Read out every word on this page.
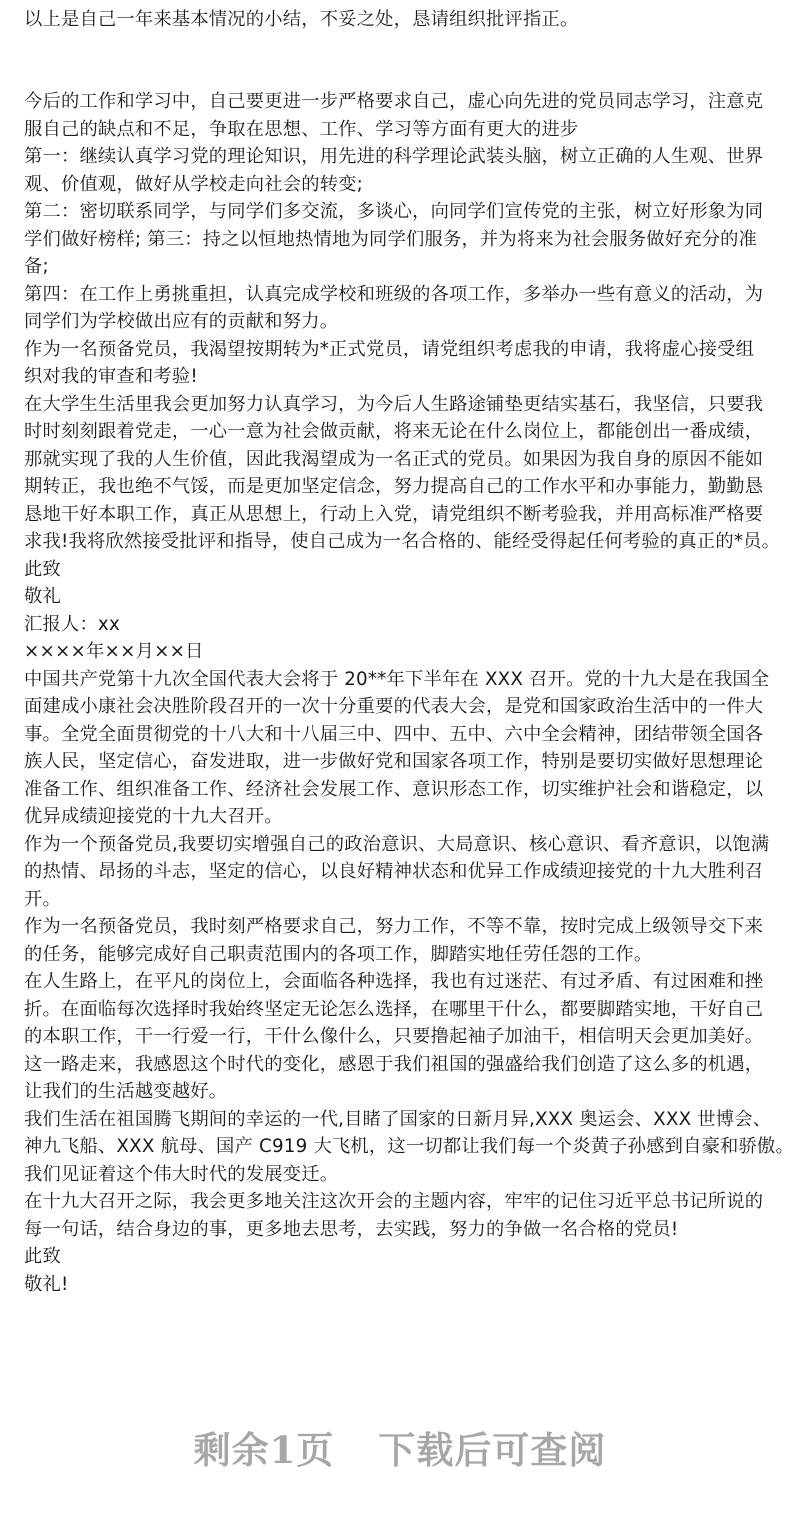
以上是自己一年来基本情况的小结，不妥之处，恳请组织批评指正。
今后的工作和学习中，自己要更进一步严格要求自己，虚心向先进的党员同志学习，注意克
服自己的缺点和不足，争取在思想、工作、学习等方面有更大的进步
第一：继续认真学习党的理论知识，用先进的科学理论武装头脑，树立正确的人生观、世界
观、价值观，做好从学校走向社会的转变;
第二：密切联系同学，与同学们多交流，多谈心，向同学们宣传党的主张，树立好形象为同
学们做好榜样; 第三：持之以恒地热情地为同学们服务，并为将来为社会服务做好充分的准
备;
第四：在工作上勇挑重担，认真完成学校和班级的各项工作，多举办一些有意义的活动，为
同学们为学校做出应有的贡献和努力。
作为一名预备党员，我渴望按期转为*正式党员，请党组织考虑我的申请，我将虚心接受组
织对我的审查和考验!
在大学生生活里我会更加努力认真学习，为今后人生路途铺垫更结实基石，我坚信，只要我
时时刻刻跟着党走，一心一意为社会做贡献，将来无论在什么岗位上，都能创出一番成绩，
那就实现了我的人生价值，因此我渴望成为一名正式的党员。如果因为我自身的原因不能如
期转正，我也绝不气馁，而是更加坚定信念，努力提高自己的工作水平和办事能力，勤勤恳
恳地干好本职工作，真正从思想上，行动上入党，请党组织不断考验我，并用高标准严格要
求我!我将欣然接受批评和指导，使自己成为一名合格的、能经受得起任何考验的真正的*员。
此致
敬礼
汇报人：xx
××××年××月××日
中国共产党第十九次全国代表大会将于 20**年下半年在 XXX 召开。党的十九大是在我国全
面建成小康社会决胜阶段召开的一次十分重要的代表大会，是党和国家政治生活中的一件大
事。全党全面贯彻党的十八大和十八届三中、四中、五中、六中全会精神，团结带领全国各
族人民，坚定信心，奋发进取，进一步做好党和国家各项工作，特别是要切实做好思想理论
准备工作、组织准备工作、经济社会发展工作、意识形态工作，切实维护社会和谐稳定，以
优异成绩迎接党的十九大召开。
作为一个预备党员,我要切实增强自己的政治意识、大局意识、核心意识、看齐意识，以饱满
的热情、昂扬的斗志，坚定的信心，以良好精神状态和优异工作成绩迎接党的十九大胜利召
开。
作为一名预备党员，我时刻严格要求自己，努力工作，不等不靠，按时完成上级领导交下来
的任务，能够完成好自己职责范围内的各项工作，脚踏实地任劳任怨的工作。
在人生路上，在平凡的岗位上，会面临各种选择，我也有过迷茫、有过矛盾、有过困难和挫
折。在面临每次选择时我始终坚定无论怎么选择，在哪里干什么，都要脚踏实地，干好自己
的本职工作，干一行爱一行，干什么像什么，只要撸起袖子加油干，相信明天会更加美好。
这一路走来，我感恩这个时代的变化，感恩于我们祖国的强盛给我们创造了这么多的机遇，
让我们的生活越变越好。
我们生活在祖国腾飞期间的幸运的一代,目睹了国家的日新月异,XXX 奥运会、XXX 世博会、
神九飞船、XXX 航母、国产 C919 大飞机，这一切都让我们每一个炎黄子孙感到自豪和骄傲。
我们见证着这个伟大时代的发展变迁。
在十九大召开之际，我会更多地关注这次开会的主题内容，牢牢的记住习近平总书记所说的
每一句话，结合身边的事，更多地去思考，去实践，努力的争做一名合格的党员!
此致
敬礼!
剩余1页 下载后可查阅
